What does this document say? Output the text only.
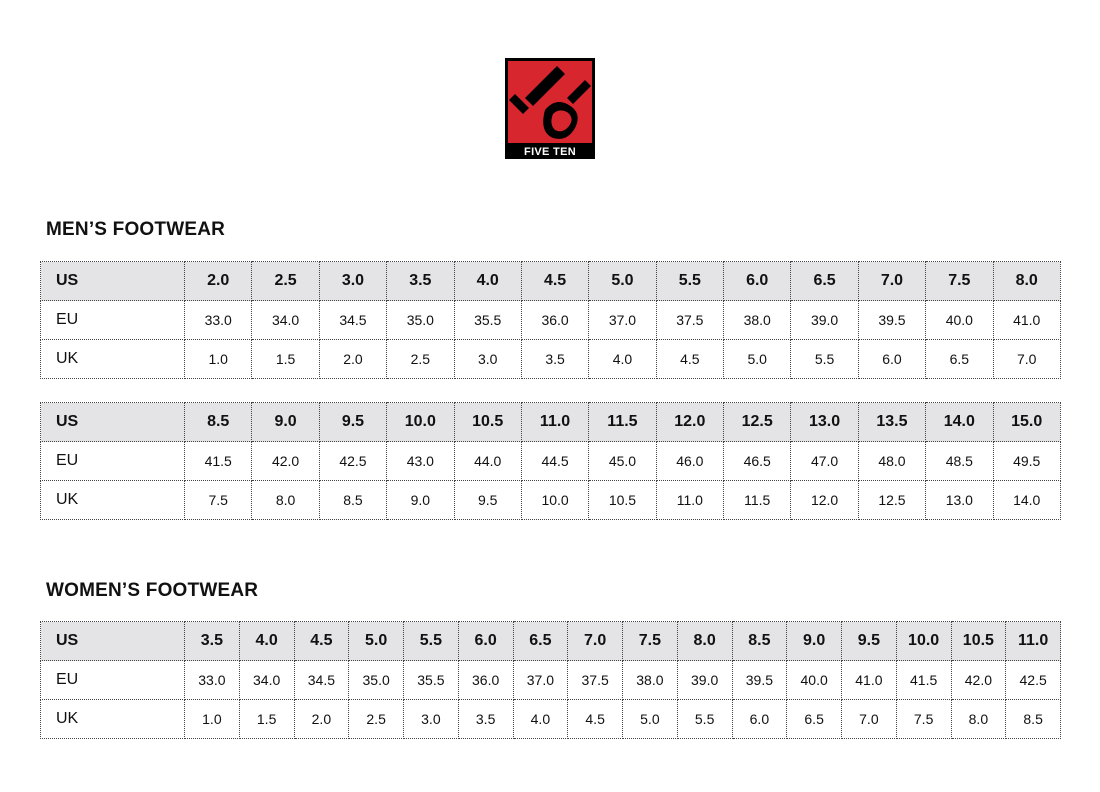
FIVE TEN
MEN’S FOOTWEAR
US	2.0	2.5	3.0	3.5	4.0	4.5	5.0	5.5	6.0	6.5	7.0	7.5	8.0
EU	33.0	34.0	34.5	35.0	35.5	36.0	37.0	37.5	38.0	39.0	39.5	40.0	41.0
UK	1.0	1.5	2.0	2.5	3.0	3.5	4.0	4.5	5.0	5.5	6.0	6.5	7.0
US	8.5	9.0	9.5	10.0	10.5	11.0	11.5	12.0	12.5	13.0	13.5	14.0	15.0
EU	41.5	42.0	42.5	43.0	44.0	44.5	45.0	46.0	46.5	47.0	48.0	48.5	49.5
UK	7.5	8.0	8.5	9.0	9.5	10.0	10.5	11.0	11.5	12.0	12.5	13.0	14.0
WOMEN’S FOOTWEAR
US	3.5	4.0	4.5	5.0	5.5	6.0	6.5	7.0	7.5	8.0	8.5	9.0	9.5	10.0	10.5	11.0
EU	33.0	34.0	34.5	35.0	35.5	36.0	37.0	37.5	38.0	39.0	39.5	40.0	41.0	41.5	42.0	42.5
UK	1.0	1.5	2.0	2.5	3.0	3.5	4.0	4.5	5.0	5.5	6.0	6.5	7.0	7.5	8.0	8.5
